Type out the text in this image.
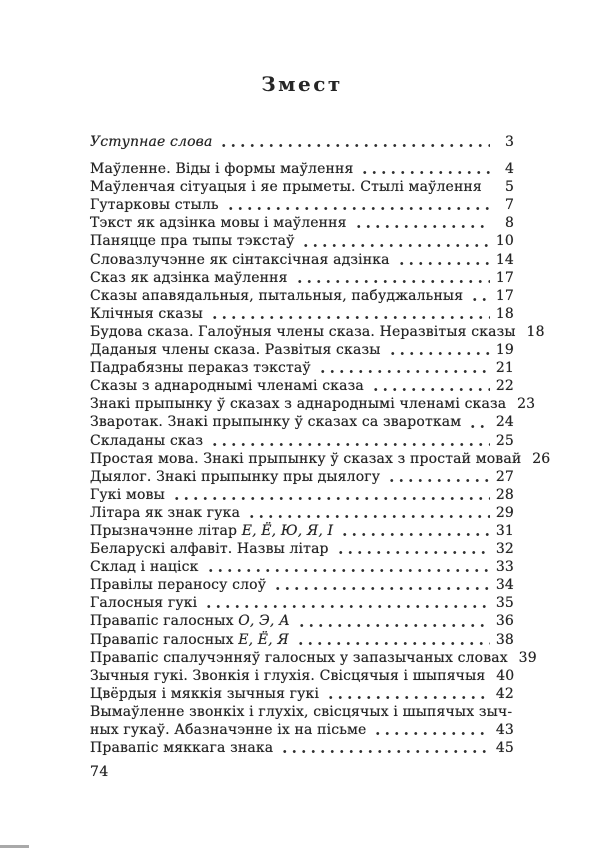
Змест
Уступнае слова	3
Маўленне. Віды і формы маўлення	4
Маўленчая сітуацыя і яе прыметы. Стылі маўлення	5
Гутарковы стыль	7
Тэкст як адзінка мовы і маўлення	8
Паняцце пра тыпы тэкстаў	10
Словазлучэнне як сінтаксічная адзінка	14
Сказ як адзінка маўлення	17
Сказы апавядальныя, пытальныя, пабуджальныя 17
Клічныя сказы	18
Будова сказа. Галоўныя члены сказа. Неразвітыя сказы 18
Даданыя члены сказа. Развітыя сказы	19
Падрабязны пераказ тэкстаў	21
Сказы з аднароднымі членамі сказа	22
Знакі прыпынку ў сказах з аднароднымі членамі сказа 23
Зваротак. Знакі прыпынку ў сказах са звароткам 24
Складаны сказ	25
Простая мова. Знакі прыпынку ў сказах з простай мовай 26
Дыялог. Знакі прыпынку пры дыялогу	27
Гукі мовы	28
Літара як знак гука	29
Прызначэнне літар Е, Ё, Ю, Я, І	31
Беларускі алфавіт. Назвы літар	32
Склад і націск	33
Правілы пераносу слоў	34
Галосныя гукі	35
Правапіс галосных О, Э, А	36
Правапіс галосных Е, Ё, Я	38
Правапіс спалучэнняў галосных у запазычаных словах 39
Зычныя гукі. Звонкія і глухія. Свісцячыя і шыпячыя 40
Цвёрдыя і мяккія зычныя гукі	42
Вымаўленне звонкіх і глухіх, свісцячых і шыпячых зыч-
ных гукаў. Абазначэнне іх на пісьме	43
Правапіс мяккага знака	45
74
